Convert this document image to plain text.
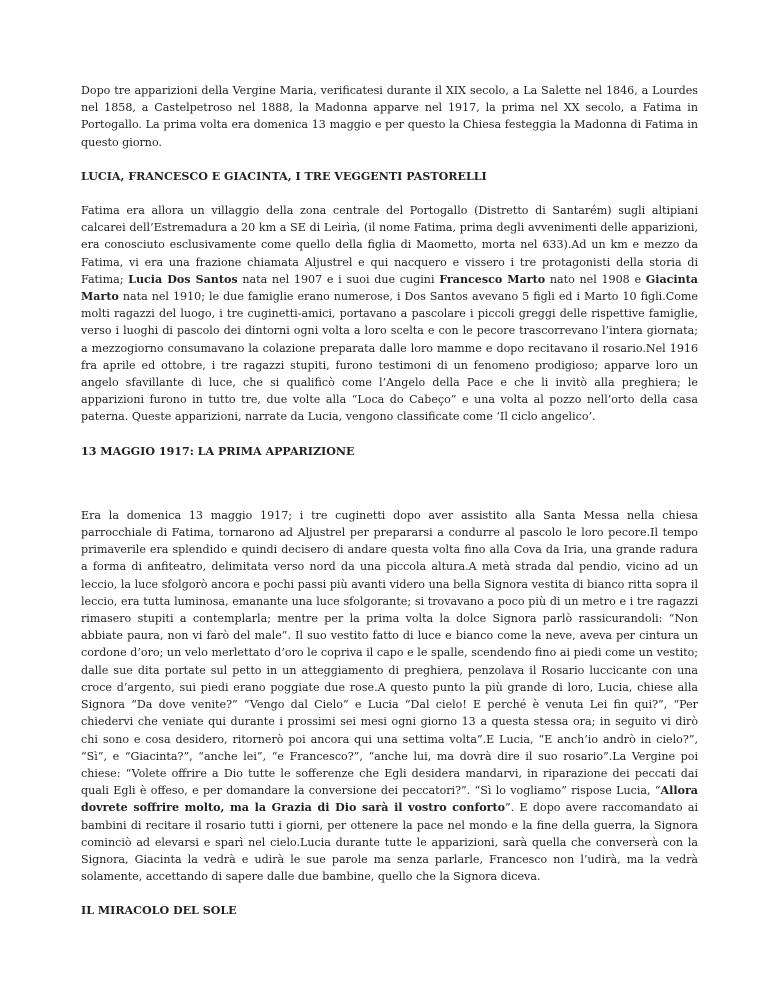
Dopo tre apparizioni della Vergine Maria, verificatesi durante il XIX secolo, a La Salette nel 1846, a Lourdes nel 1858, a Castelpetroso nel 1888, la Madonna apparve nel 1917, la prima nel XX secolo, a Fatima in Portogallo. La prima volta era domenica 13 maggio e per questo la Chiesa festeggia la Madonna di Fatima in questo giorno.

LUCIA, FRANCESCO E GIACINTA, I TRE VEGGENTI PASTORELLI

Fatima era allora un villaggio della zona centrale del Portogallo (Distretto di Santarém) sugli altipiani calcarei dell’Estremadura a 20 km a SE di Leirìa, (il nome Fatima, prima degli avvenimenti delle apparizioni, era conosciuto esclusivamente come quello della figlia di Maometto, morta nel 633).Ad un km e mezzo da Fatima, vi era una frazione chiamata Aljustrel e qui nacquero e vissero i tre protagonisti della storia di Fatima; Lucia Dos Santos nata nel 1907 e i suoi due cugini Francesco Marto nato nel 1908 e Giacinta Marto nata nel 1910; le due famiglie erano numerose, i Dos Santos avevano 5 figli ed i Marto 10 figli.Come molti ragazzi del luogo, i tre cuginetti-amici, portavano a pascolare i piccoli greggi delle rispettive famiglie, verso i luoghi di pascolo dei dintorni ogni volta a loro scelta e con le pecore trascorrevano l’intera giornata; a mezzogiorno consumavano la colazione preparata dalle loro mamme e dopo recitavano il rosario.Nel 1916 fra aprile ed ottobre, i tre ragazzi stupiti, furono testimoni di un fenomeno prodigioso; apparve loro un angelo sfavillante di luce, che si qualificò come l’Angelo della Pace e che li invitò alla preghiera; le apparizioni furono in tutto tre, due volte alla “Loca do Cabeço” e una volta al pozzo nell’orto della casa paterna. Queste apparizioni, narrate da Lucia, vengono classificate come ‘Il ciclo angelico’.

13 MAGGIO 1917: LA PRIMA APPARIZIONE

Era la domenica 13 maggio 1917; i tre cuginetti dopo aver assistito alla Santa Messa nella chiesa parrocchiale di Fatima, tornarono ad Aljustrel per prepararsi a condurre al pascolo le loro pecore.Il tempo primaverile era splendido e quindi decisero di andare questa volta fino alla Cova da Iria, una grande radura a forma di anfiteatro, delimitata verso nord da una piccola altura.A metà strada dal pendio, vicino ad un leccio, la luce sfolgorò ancora e pochi passi più avanti videro una bella Signora vestita di bianco ritta sopra il leccio, era tutta luminosa, emanante una luce sfolgorante; si trovavano a poco più di un metro e i tre ragazzi rimasero stupiti a contemplarla; mentre per la prima volta la dolce Signora parlò rassicurandoli: “Non abbiate paura, non vi farò del male”. Il suo vestito fatto di luce e bianco come la neve, aveva per cintura un cordone d’oro; un velo merlettato d’oro le copriva il capo e le spalle, scendendo fino ai piedi come un vestito; dalle sue dita portate sul petto in un atteggiamento di preghiera, penzolava il Rosario luccicante con una croce d’argento, sui piedi erano poggiate due rose.A questo punto la più grande di loro, Lucia, chiese alla Signora “Da dove venite?” “Vengo dal Cielo” e Lucia “Dal cielo! E perché è venuta Lei fin qui?”, “Per chiedervi che veniate qui durante i prossimi sei mesi ogni giorno 13 a questa stessa ora; in seguito vi dirò chi sono e cosa desidero, ritornerò poi ancora qui una settima volta”.E Lucia, “E anch’io andrò in cielo?”, “Sì”, e “Giacinta?”, “anche lei”, “e Francesco?”, “anche lui, ma dovrà dire il suo rosario”.La Vergine poi chiese: “Volete offrire a Dio tutte le sofferenze che Egli desidera mandarvi, in riparazione dei peccati dai quali Egli è offeso, e per domandare la conversione dei peccatori?”. “Sì lo vogliamo” rispose Lucia, “Allora dovrete soffrire molto, ma la Grazia di Dio sarà il vostro conforto”. E dopo avere raccomandato ai bambini di recitare il rosario tutti i giorni, per ottenere la pace nel mondo e la fine della guerra, la Signora cominciò ad elevarsi e sparì nel cielo.Lucia durante tutte le apparizioni, sarà quella che converserà con la Signora, Giacinta la vedrà e udirà le sue parole ma senza parlarle, Francesco non l’udirà, ma la vedrà solamente, accettando di sapere dalle due bambine, quello che la Signora diceva.

IL MIRACOLO DEL SOLE
